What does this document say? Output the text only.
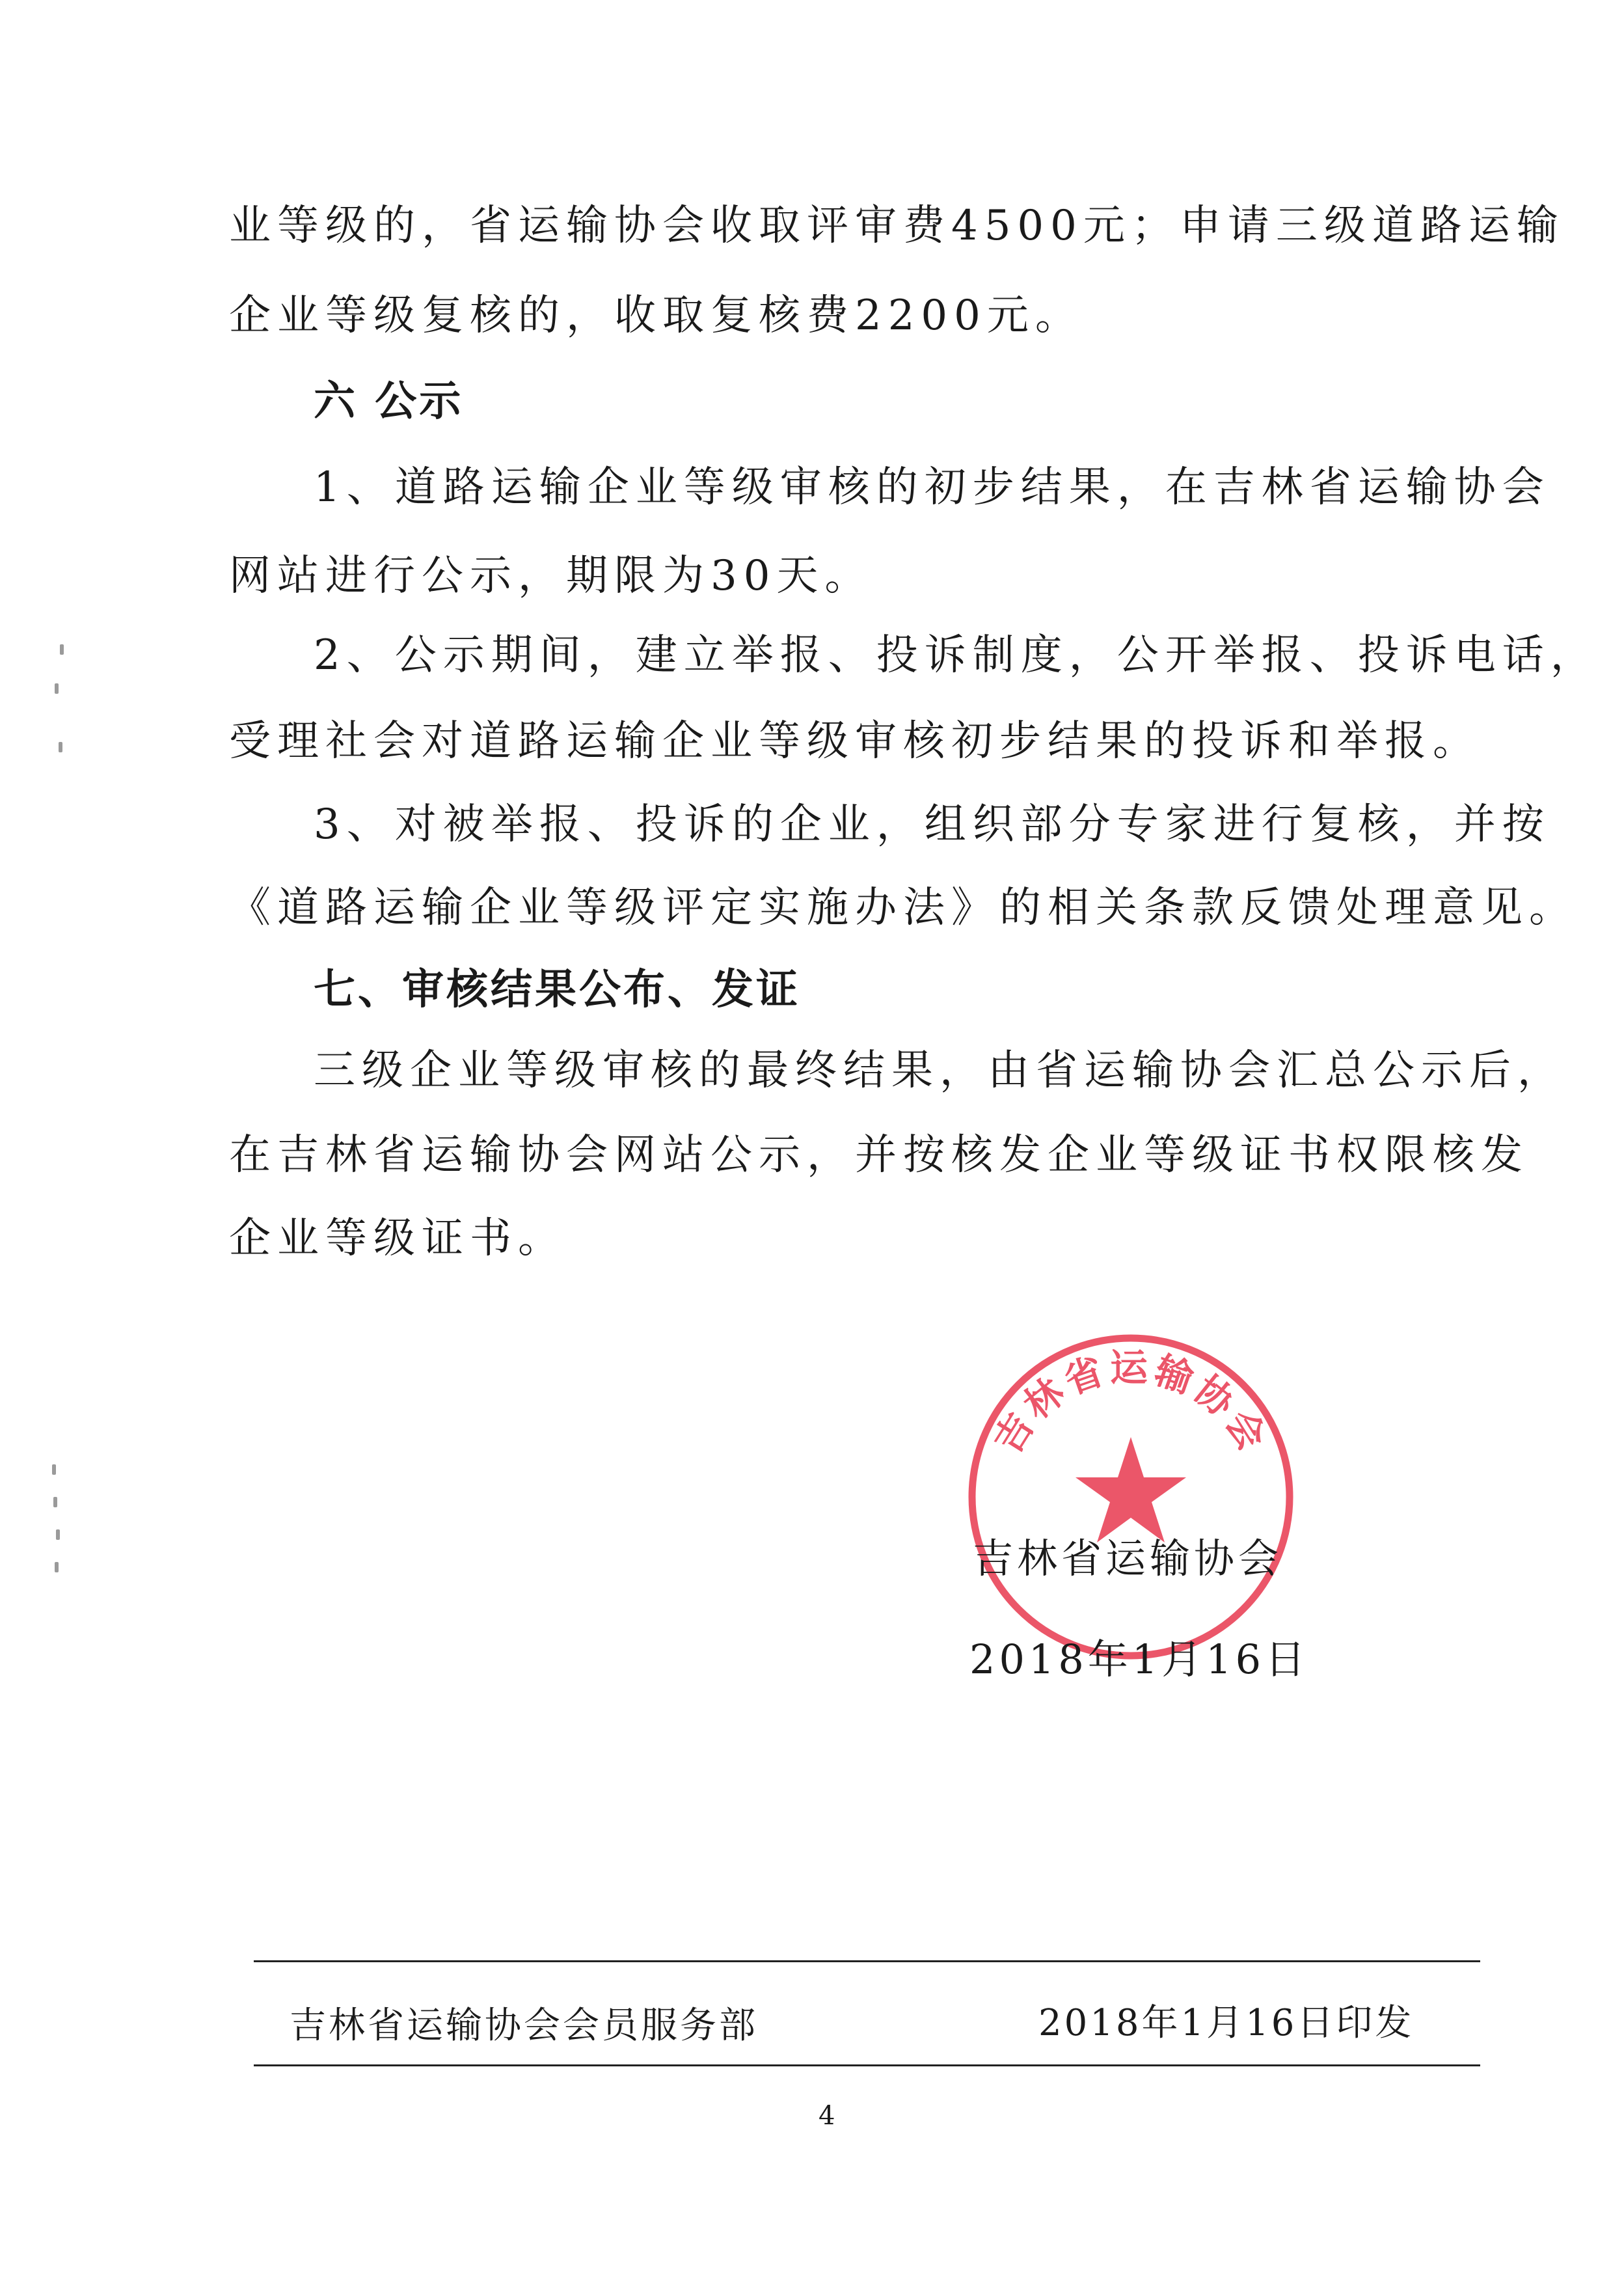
业等级的，省运输协会收取评审费4500元；申请三级道路运输
企业等级复核的，收取复核费2200元。
六 公示
1、道路运输企业等级审核的初步结果，在吉林省运输协会
网站进行公示，期限为30天。
2、公示期间，建立举报、投诉制度，公开举报、投诉电话，
受理社会对道路运输企业等级审核初步结果的投诉和举报。
3、对被举报、投诉的企业，组织部分专家进行复核，并按
《道路运输企业等级评定实施办法》的相关条款反馈处理意见。
七、审核结果公布、发证
三级企业等级审核的最终结果，由省运输协会汇总公示后，
在吉林省运输协会网站公示，并按核发企业等级证书权限核发
企业等级证书。
吉林省运输协会
吉林省运输协会
2018年1月16日
吉林省运输协会会员服务部	2018年1月16日印发
4
